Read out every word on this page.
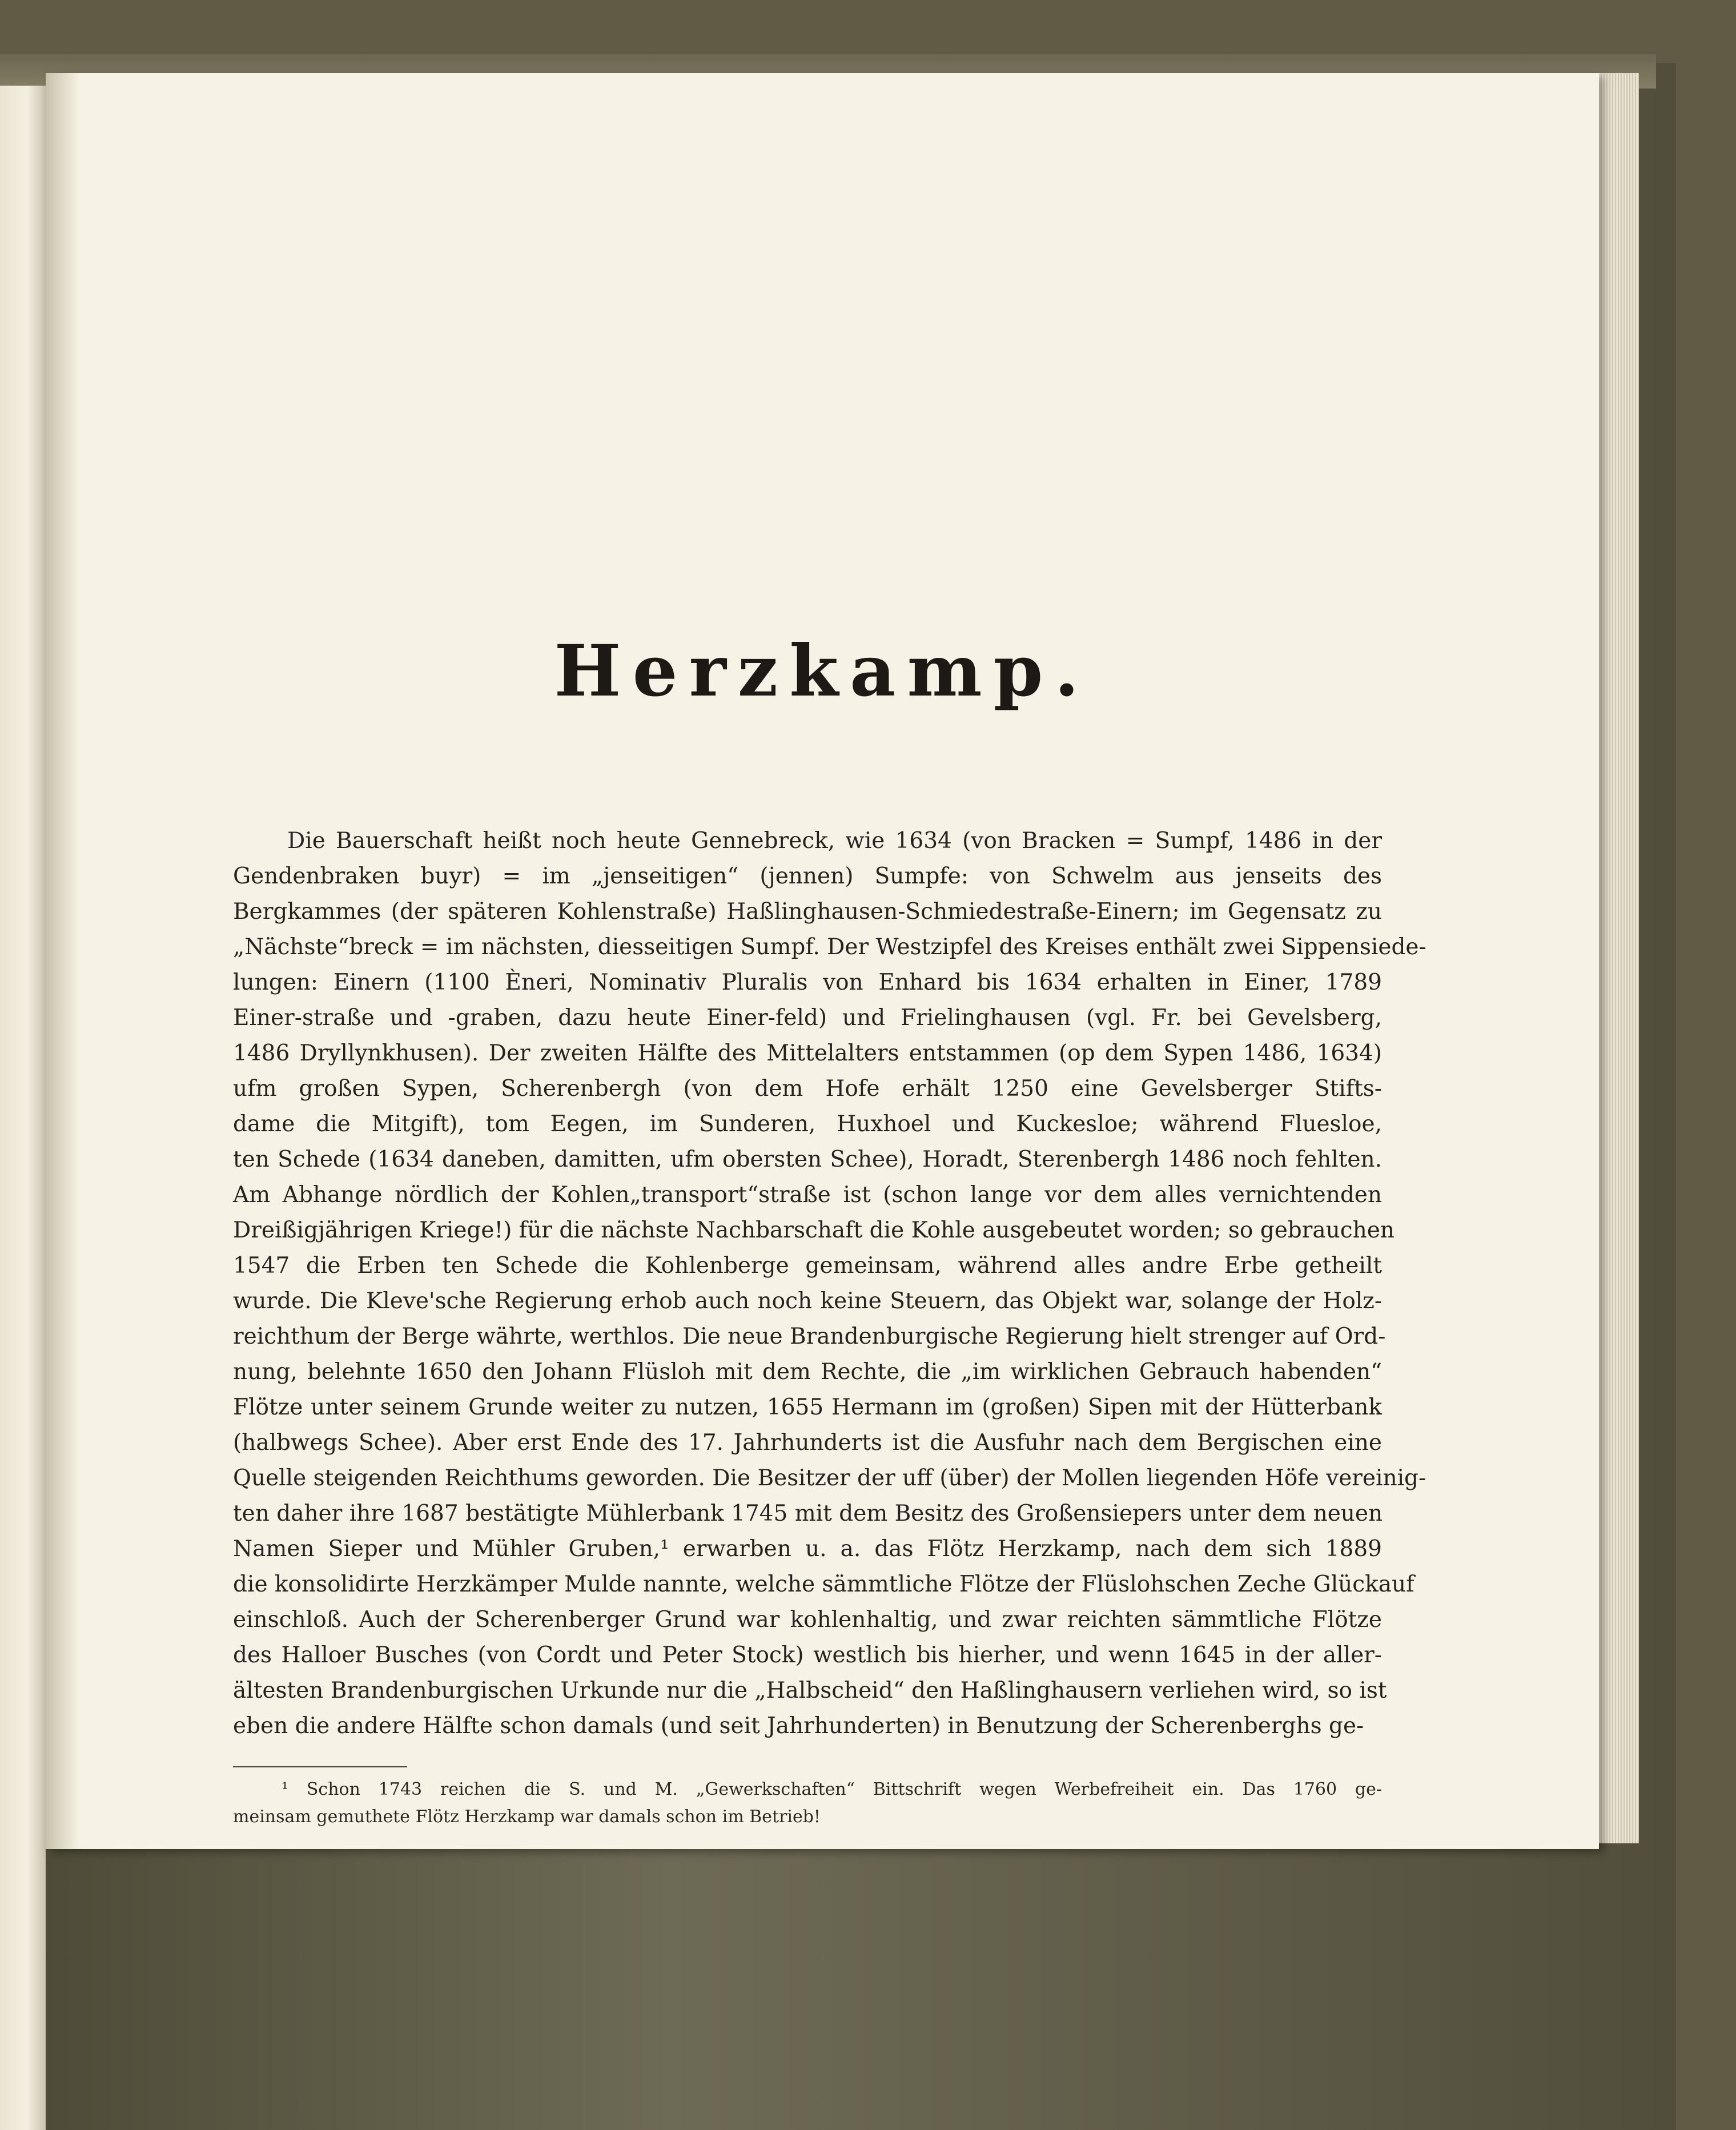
Herzkamp.
Die Bauerschaft heißt noch heute Gennebreck, wie 1634 (von Bracken = Sumpf, 1486 in der
Gendenbraken buyr) = im „jenseitigen“ (jennen) Sumpfe: von Schwelm aus jenseits des
Bergkammes (der späteren Kohlenstraße) Haßlinghausen-Schmiedestraße-Einern; im Gegensatz zu
„Nächste“breck = im nächsten, diesseitigen Sumpf. Der Westzipfel des Kreises enthält zwei Sippensiede-
lungen: Einern (1100 Èneri, Nominativ Pluralis von Enhard bis 1634 erhalten in Einer, 1789
Einer-straße und -graben, dazu heute Einer-feld) und Frielinghausen (vgl. Fr. bei Gevelsberg,
1486 Dryllynkhusen). Der zweiten Hälfte des Mittelalters entstammen (op dem Sypen 1486, 1634)
ufm großen Sypen, Scherenbergh (von dem Hofe erhält 1250 eine Gevelsberger Stifts-
dame die Mitgift), tom Eegen, im Sunderen, Huxhoel und Kuckesloe; während Fluesloe,
ten Schede (1634 daneben, damitten, ufm obersten Schee), Horadt, Sterenbergh 1486 noch fehlten.
Am Abhange nördlich der Kohlen„transport“straße ist (schon lange vor dem alles vernichtenden
Dreißigjährigen Kriege!) für die nächste Nachbarschaft die Kohle ausgebeutet worden; so gebrauchen
1547 die Erben ten Schede die Kohlenberge gemeinsam, während alles andre Erbe getheilt
wurde. Die Kleve'sche Regierung erhob auch noch keine Steuern, das Objekt war, solange der Holz-
reichthum der Berge währte, werthlos. Die neue Brandenburgische Regierung hielt strenger auf Ord-
nung, belehnte 1650 den Johann Flüsloh mit dem Rechte, die „im wirklichen Gebrauch habenden“
Flötze unter seinem Grunde weiter zu nutzen, 1655 Hermann im (großen) Sipen mit der Hütterbank
(halbwegs Schee). Aber erst Ende des 17. Jahrhunderts ist die Ausfuhr nach dem Bergischen eine
Quelle steigenden Reichthums geworden. Die Besitzer der uff (über) der Mollen liegenden Höfe vereinig-
ten daher ihre 1687 bestätigte Mühlerbank 1745 mit dem Besitz des Großensiepers unter dem neuen
Namen Sieper und Mühler Gruben,¹ erwarben u. a. das Flötz Herzkamp, nach dem sich 1889
die konsolidirte Herzkämper Mulde nannte, welche sämmtliche Flötze der Flüslohschen Zeche Glückauf
einschloß. Auch der Scherenberger Grund war kohlenhaltig, und zwar reichten sämmtliche Flötze
des Halloer Busches (von Cordt und Peter Stock) westlich bis hierher, und wenn 1645 in der aller-
ältesten Brandenburgischen Urkunde nur die „Halbscheid“ den Haßlinghausern verliehen wird, so ist
eben die andere Hälfte schon damals (und seit Jahrhunderten) in Benutzung der Scherenberghs ge-
¹ Schon 1743 reichen die S. und M. „Gewerkschaften“ Bittschrift wegen Werbefreiheit ein. Das 1760 ge-
meinsam gemuthete Flötz Herzkamp war damals schon im Betrieb!
